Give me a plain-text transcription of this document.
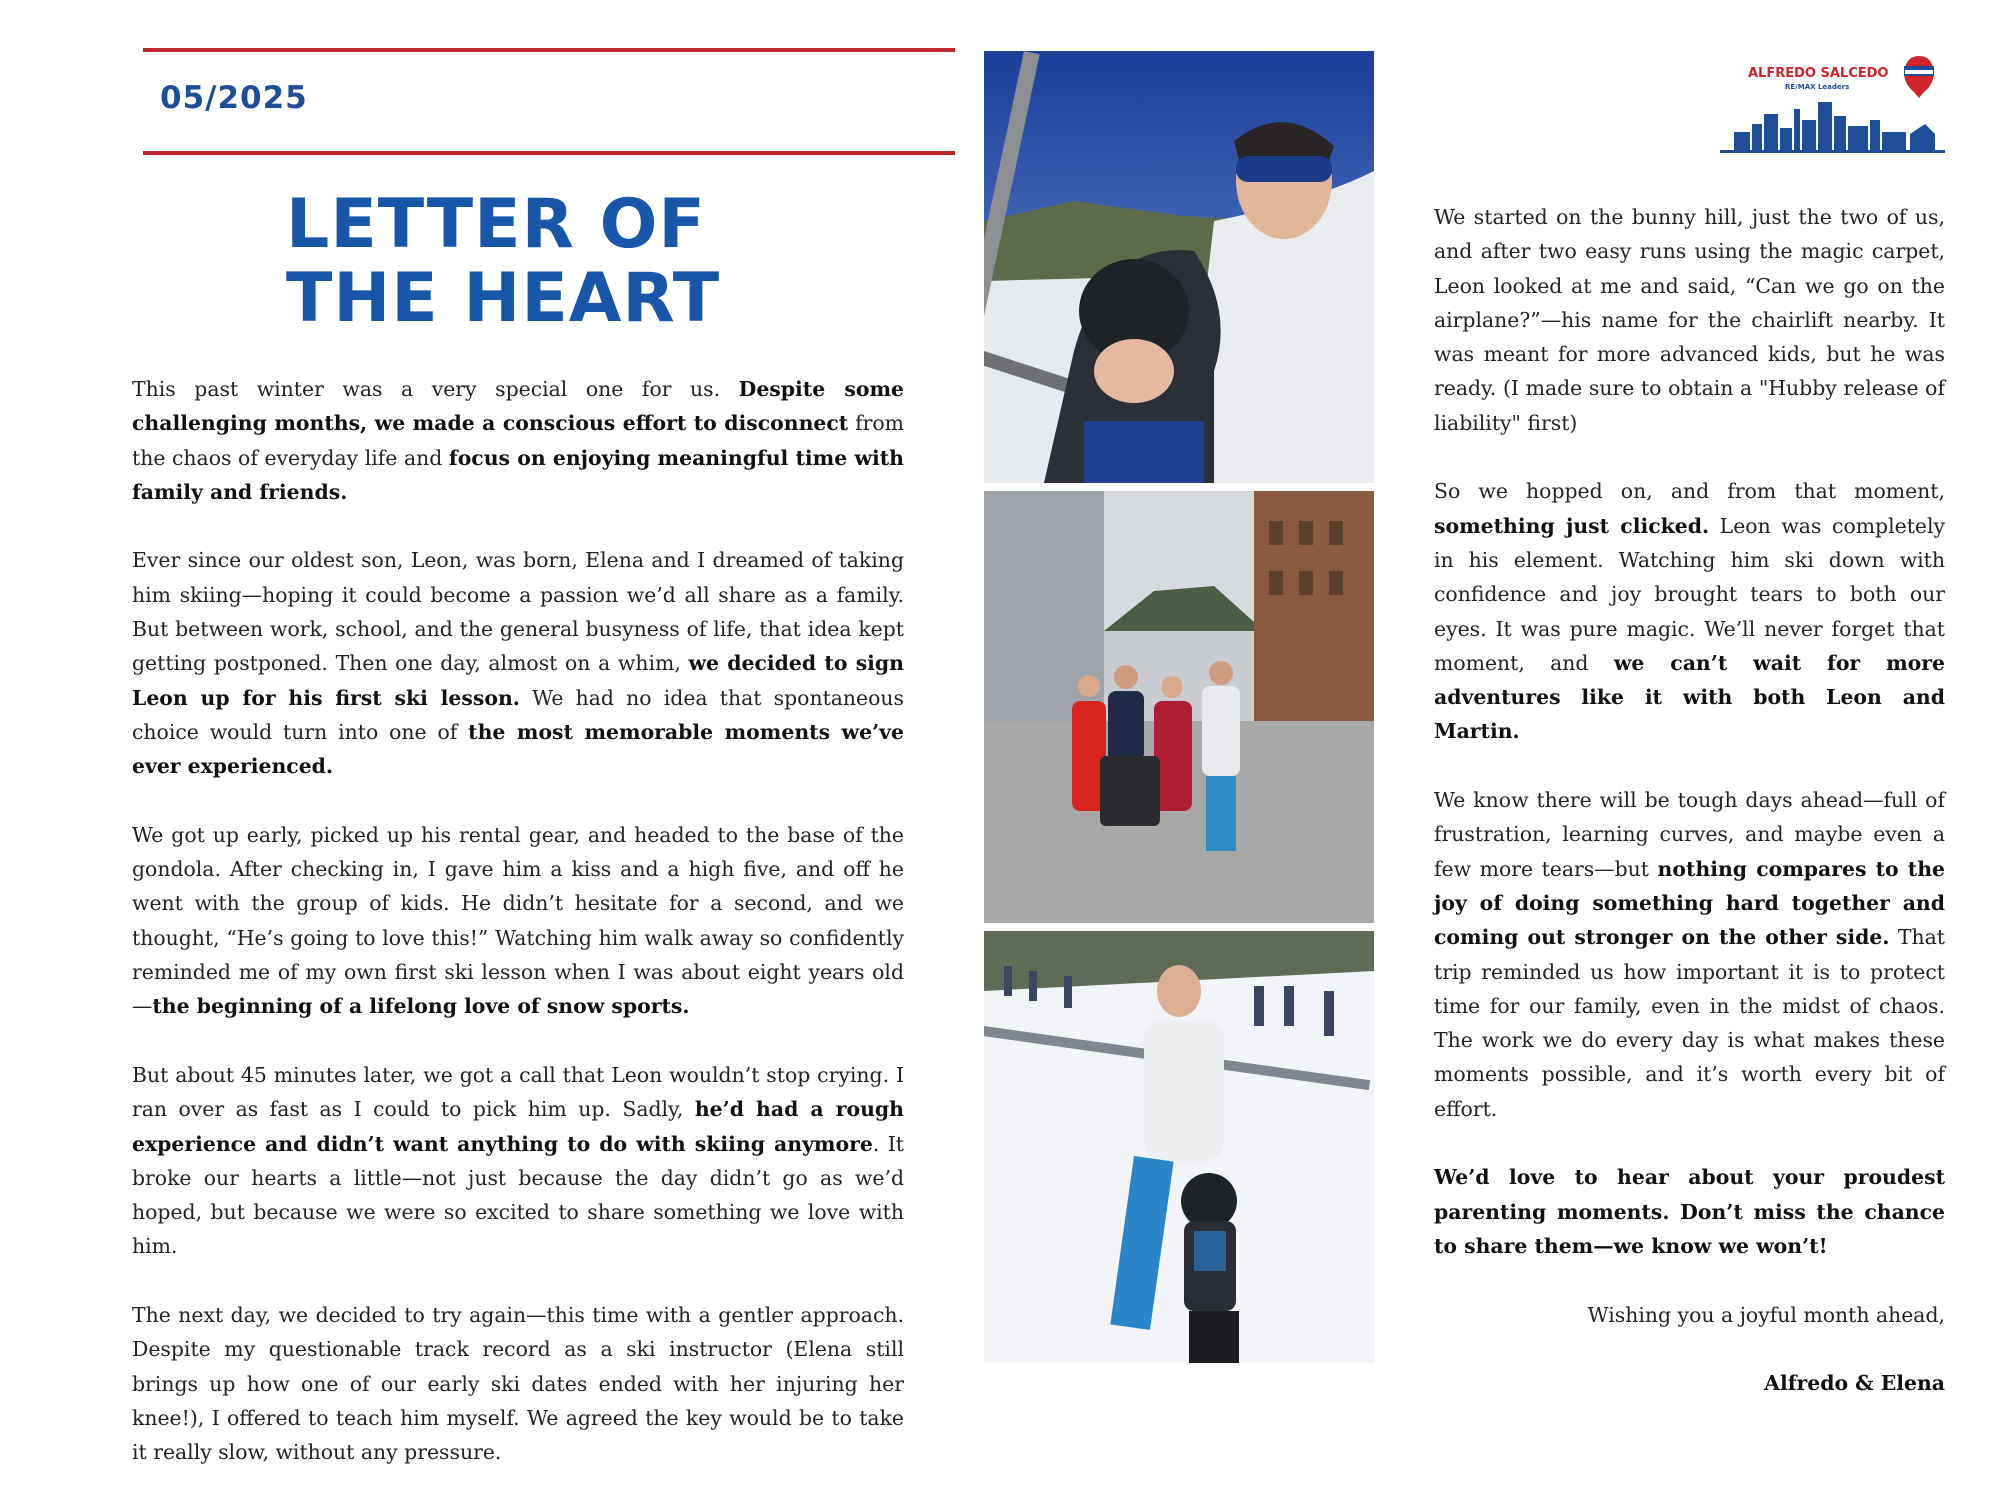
05/2025
LETTER OF
THE HEART

This past winter was a very special one for us. Despite some challenging months, we made a conscious effort to disconnect from the chaos of everyday life and focus on enjoying meaningful time with family and friends.

Ever since our oldest son, Leon, was born, Elena and I dreamed of taking him skiing—hoping it could become a passion we’d all share as a family. But between work, school, and the general busyness of life, that idea kept getting postponed. Then one day, almost on a whim, we decided to sign Leon up for his first ski lesson. We had no idea that spontaneous choice would turn into one of the most memorable moments we’ve ever experienced.

We got up early, picked up his rental gear, and headed to the base of the gondola. After checking in, I gave him a kiss and a high five, and off he went with the group of kids. He didn’t hesitate for a second, and we thought, “He’s going to love this!” Watching him walk away so confidently reminded me of my own first ski lesson when I was about eight years old—the beginning of a lifelong love of snow sports.

But about 45 minutes later, we got a call that Leon wouldn’t stop crying. I ran over as fast as I could to pick him up. Sadly, he’d had a rough experience and didn’t want anything to do with skiing anymore. It broke our hearts a little—not just because the day didn’t go as we’d hoped, but because we were so excited to share something we love with him.

The next day, we decided to try again—this time with a gentler approach. Despite my questionable track record as a ski instructor (Elena still brings up how one of our early ski dates ended with her injuring her knee!), I offered to teach him myself. We agreed the key would be to take it really slow, without any pressure.

ALFREDO SALCEDO
RE/MAX Leaders

We started on the bunny hill, just the two of us, and after two easy runs using the magic carpet, Leon looked at me and said, “Can we go on the airplane?”—his name for the chairlift nearby. It was meant for more advanced kids, but he was ready. (I made sure to obtain a "Hubby release of liability" first)

So we hopped on, and from that moment, something just clicked. Leon was completely in his element. Watching him ski down with confidence and joy brought tears to both our eyes. It was pure magic. We’ll never forget that moment, and we can’t wait for more adventures like it with both Leon and Martin.

We know there will be tough days ahead—full of frustration, learning curves, and maybe even a few more tears—but nothing compares to the joy of doing something hard together and coming out stronger on the other side. That trip reminded us how important it is to protect time for our family, even in the midst of chaos. The work we do every day is what makes these moments possible, and it’s worth every bit of effort.

We’d love to hear about your proudest parenting moments. Don’t miss the chance to share them—we know we won’t!

Wishing you a joyful month ahead,

Alfredo & Elena
